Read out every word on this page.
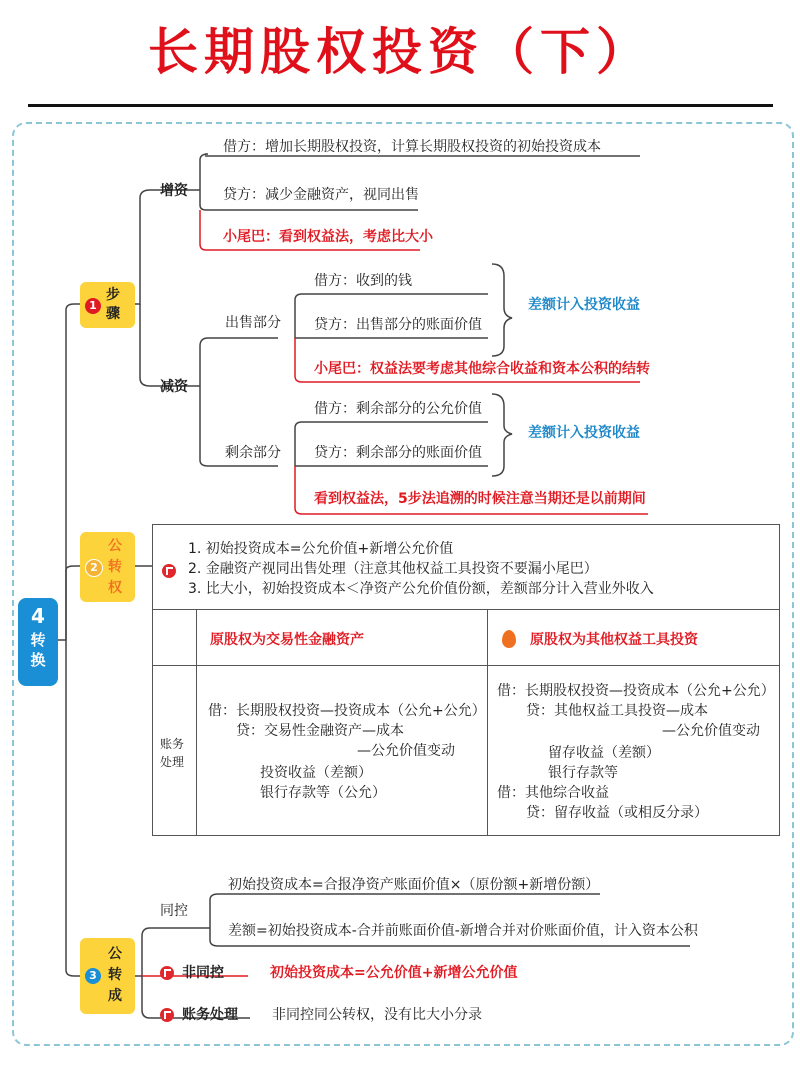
长期股权投资（下）
4
转换
1
步骤
增资
借方：增加长期股权投资，计算长期股权投资的初始投资成本
贷方：减少金融资产，视同出售
小尾巴：看到权益法，考虑比大小
减资
出售部分
借方：收到的钱
贷方：出售部分的账面价值
差额计入投资收益
小尾巴：权益法要考虑其他综合收益和资本公积的结转
剩余部分
借方：剩余部分的公允价值
贷方：剩余部分的账面价值
差额计入投资收益
看到权益法，5步法追溯的时候注意当期还是以前期间
2
公转权
1. 初始投资成本=公允价值+新增公允价值
2. 金融资产视同出售处理（注意其他权益工具投资不要漏小尾巴）
3. 比大小，初始投资成本＜净资产公允价值份额，差额部分计入营业外收入
原股权为交易性金融资产	原股权为其他权益工具投资
账务处理
借：长期股权投资—投资成本（公允+公允）
贷：交易性金融资产—成本
—公允价值变动
投资收益（差额）
银行存款等（公允）
借：长期股权投资—投资成本（公允+公允）
贷：其他权益工具投资—成本
—公允价值变动
留存收益（差额）
银行存款等
借：其他综合收益
贷：留存收益（或相反分录）
3
公转成
同控
初始投资成本=合报净资产账面价值×（原份额+新增份额）
差额=初始投资成本-合并前账面价值-新增合并对价账面价值，计入资本公积
非同控	初始投资成本=公允价值+新增公允价值
账务处理 非同控同公转权，没有比大小分录
